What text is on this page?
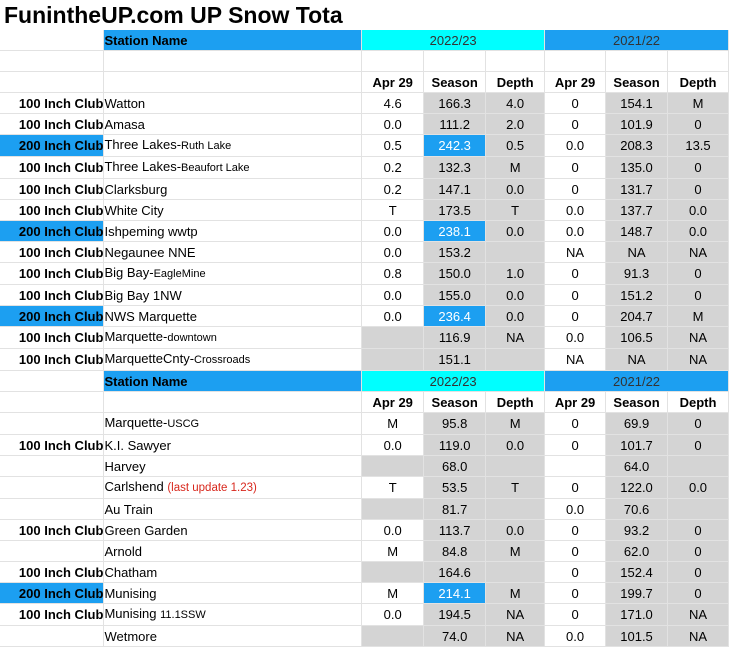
FunintheUP.com UP Snow Tota
	Station Name	2022/23			2021/22		

		Apr 29	Season	Depth	Apr 29	Season	Depth
100 Inch Club	Watton	4.6	166.3	4.0	0	154.1	M
100 Inch Club	Amasa	0.0	111.2	2.0	0	101.9	0
200 Inch Club	Three Lakes-Ruth Lake	0.5	242.3	0.5	0.0	208.3	13.5
100 Inch Club	Three Lakes-Beaufort Lake	0.2	132.3	M	0	135.0	0
100 Inch Club	Clarksburg	0.2	147.1	0.0	0	131.7	0
100 Inch Club	White City	T	173.5	T	0.0	137.7	0.0
200 Inch Club	Ishpeming wwtp	0.0	238.1	0.0	0.0	148.7	0.0
100 Inch Club	Negaunee NNE	0.0	153.2		NA	NA	NA
100 Inch Club	Big Bay-EagleMine	0.8	150.0	1.0	0	91.3	0
100 Inch Club	Big Bay 1NW	0.0	155.0	0.0	0	151.2	0
200 Inch Club	NWS Marquette	0.0	236.4	0.0	0	204.7	M
100 Inch Club	Marquette-downtown		116.9	NA	0.0	106.5	NA
100 Inch Club	MarquetteCnty-Crossroads		151.1		NA	NA	NA
	Station Name	2022/23			2021/22		
		Apr 29	Season	Depth	Apr 29	Season	Depth
	Marquette-USCG	M	95.8	M	0	69.9	0
100 Inch Club	K.I. Sawyer	0.0	119.0	0.0	0	101.7	0
	Harvey		68.0			64.0	
	Carlshend (last update 1.23)	T	53.5	T	0	122.0	0.0
	Au Train		81.7		0.0	70.6	
100 Inch Club	Green Garden	0.0	113.7	0.0	0	93.2	0
	Arnold	M	84.8	M	0	62.0	0
100 Inch Club	Chatham		164.6		0	152.4	0
200 Inch Club	Munising	M	214.1	M	0	199.7	0
100 Inch Club	Munising 11.1SSW	0.0	194.5	NA	0	171.0	NA
	Wetmore		74.0	NA	0.0	101.5	NA
